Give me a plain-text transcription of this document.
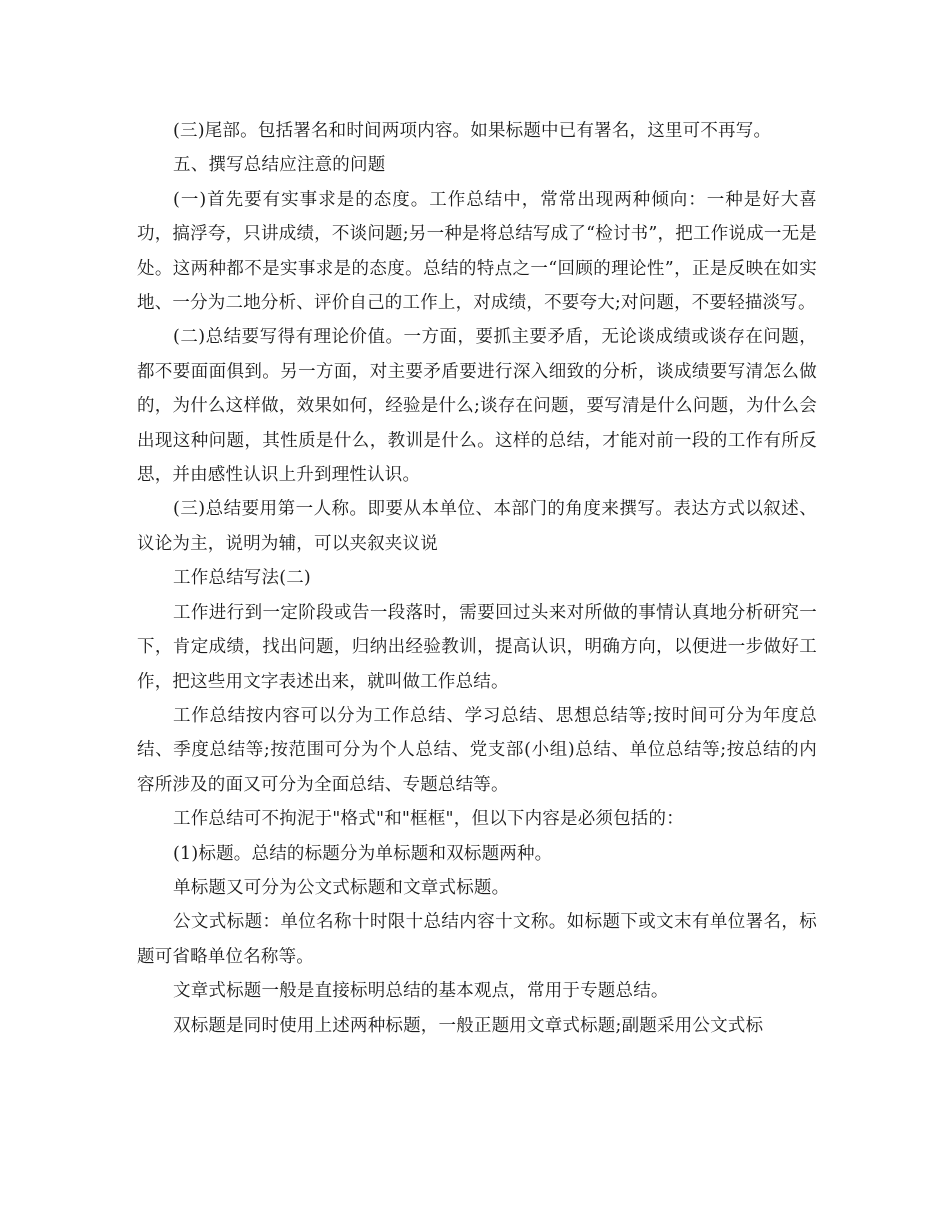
(三)尾部。包括署名和时间两项内容。如果标题中已有署名，这里可不再写。

五、撰写总结应注意的问题

(一)首先要有实事求是的态度。工作总结中，常常出现两种倾向：一种是好大喜功，搞浮夸，只讲成绩，不谈问题;另一种是将总结写成了“检讨书”，把工作说成一无是处。这两种都不是实事求是的态度。总结的特点之一“回顾的理论性”，正是反映在如实地、一分为二地分析、评价自己的工作上，对成绩，不要夸大;对问题，不要轻描淡写。

(二)总结要写得有理论价值。一方面，要抓主要矛盾，无论谈成绩或谈存在问题，都不要面面俱到。另一方面，对主要矛盾要进行深入细致的分析，谈成绩要写清怎么做的，为什么这样做，效果如何，经验是什么;谈存在问题，要写清是什么问题，为什么会出现这种问题，其性质是什么，教训是什么。这样的总结，才能对前一段的工作有所反思，并由感性认识上升到理性认识。

(三)总结要用第一人称。即要从本单位、本部门的角度来撰写。表达方式以叙述、议论为主，说明为辅，可以夹叙夹议说

工作总结写法(二)

工作进行到一定阶段或告一段落时，需要回过头来对所做的事情认真地分析研究一下，肯定成绩，找出问题，归纳出经验教训，提高认识，明确方向，以便进一步做好工作，把这些用文字表述出来，就叫做工作总结。

工作总结按内容可以分为工作总结、学习总结、思想总结等;按时间可分为年度总结、季度总结等;按范围可分为个人总结、党支部(小组)总结、单位总结等;按总结的内容所涉及的面又可分为全面总结、专题总结等。

工作总结可不拘泥于"格式"和"框框"，但以下内容是必须包括的：

(1)标题。总结的标题分为单标题和双标题两种。

单标题又可分为公文式标题和文章式标题。

公文式标题：单位名称十时限十总结内容十文称。如标题下或文末有单位署名，标题可省略单位名称等。

文章式标题一般是直接标明总结的基本观点，常用于专题总结。

双标题是同时使用上述两种标题，一般正题用文章式标题;副题采用公文式标
